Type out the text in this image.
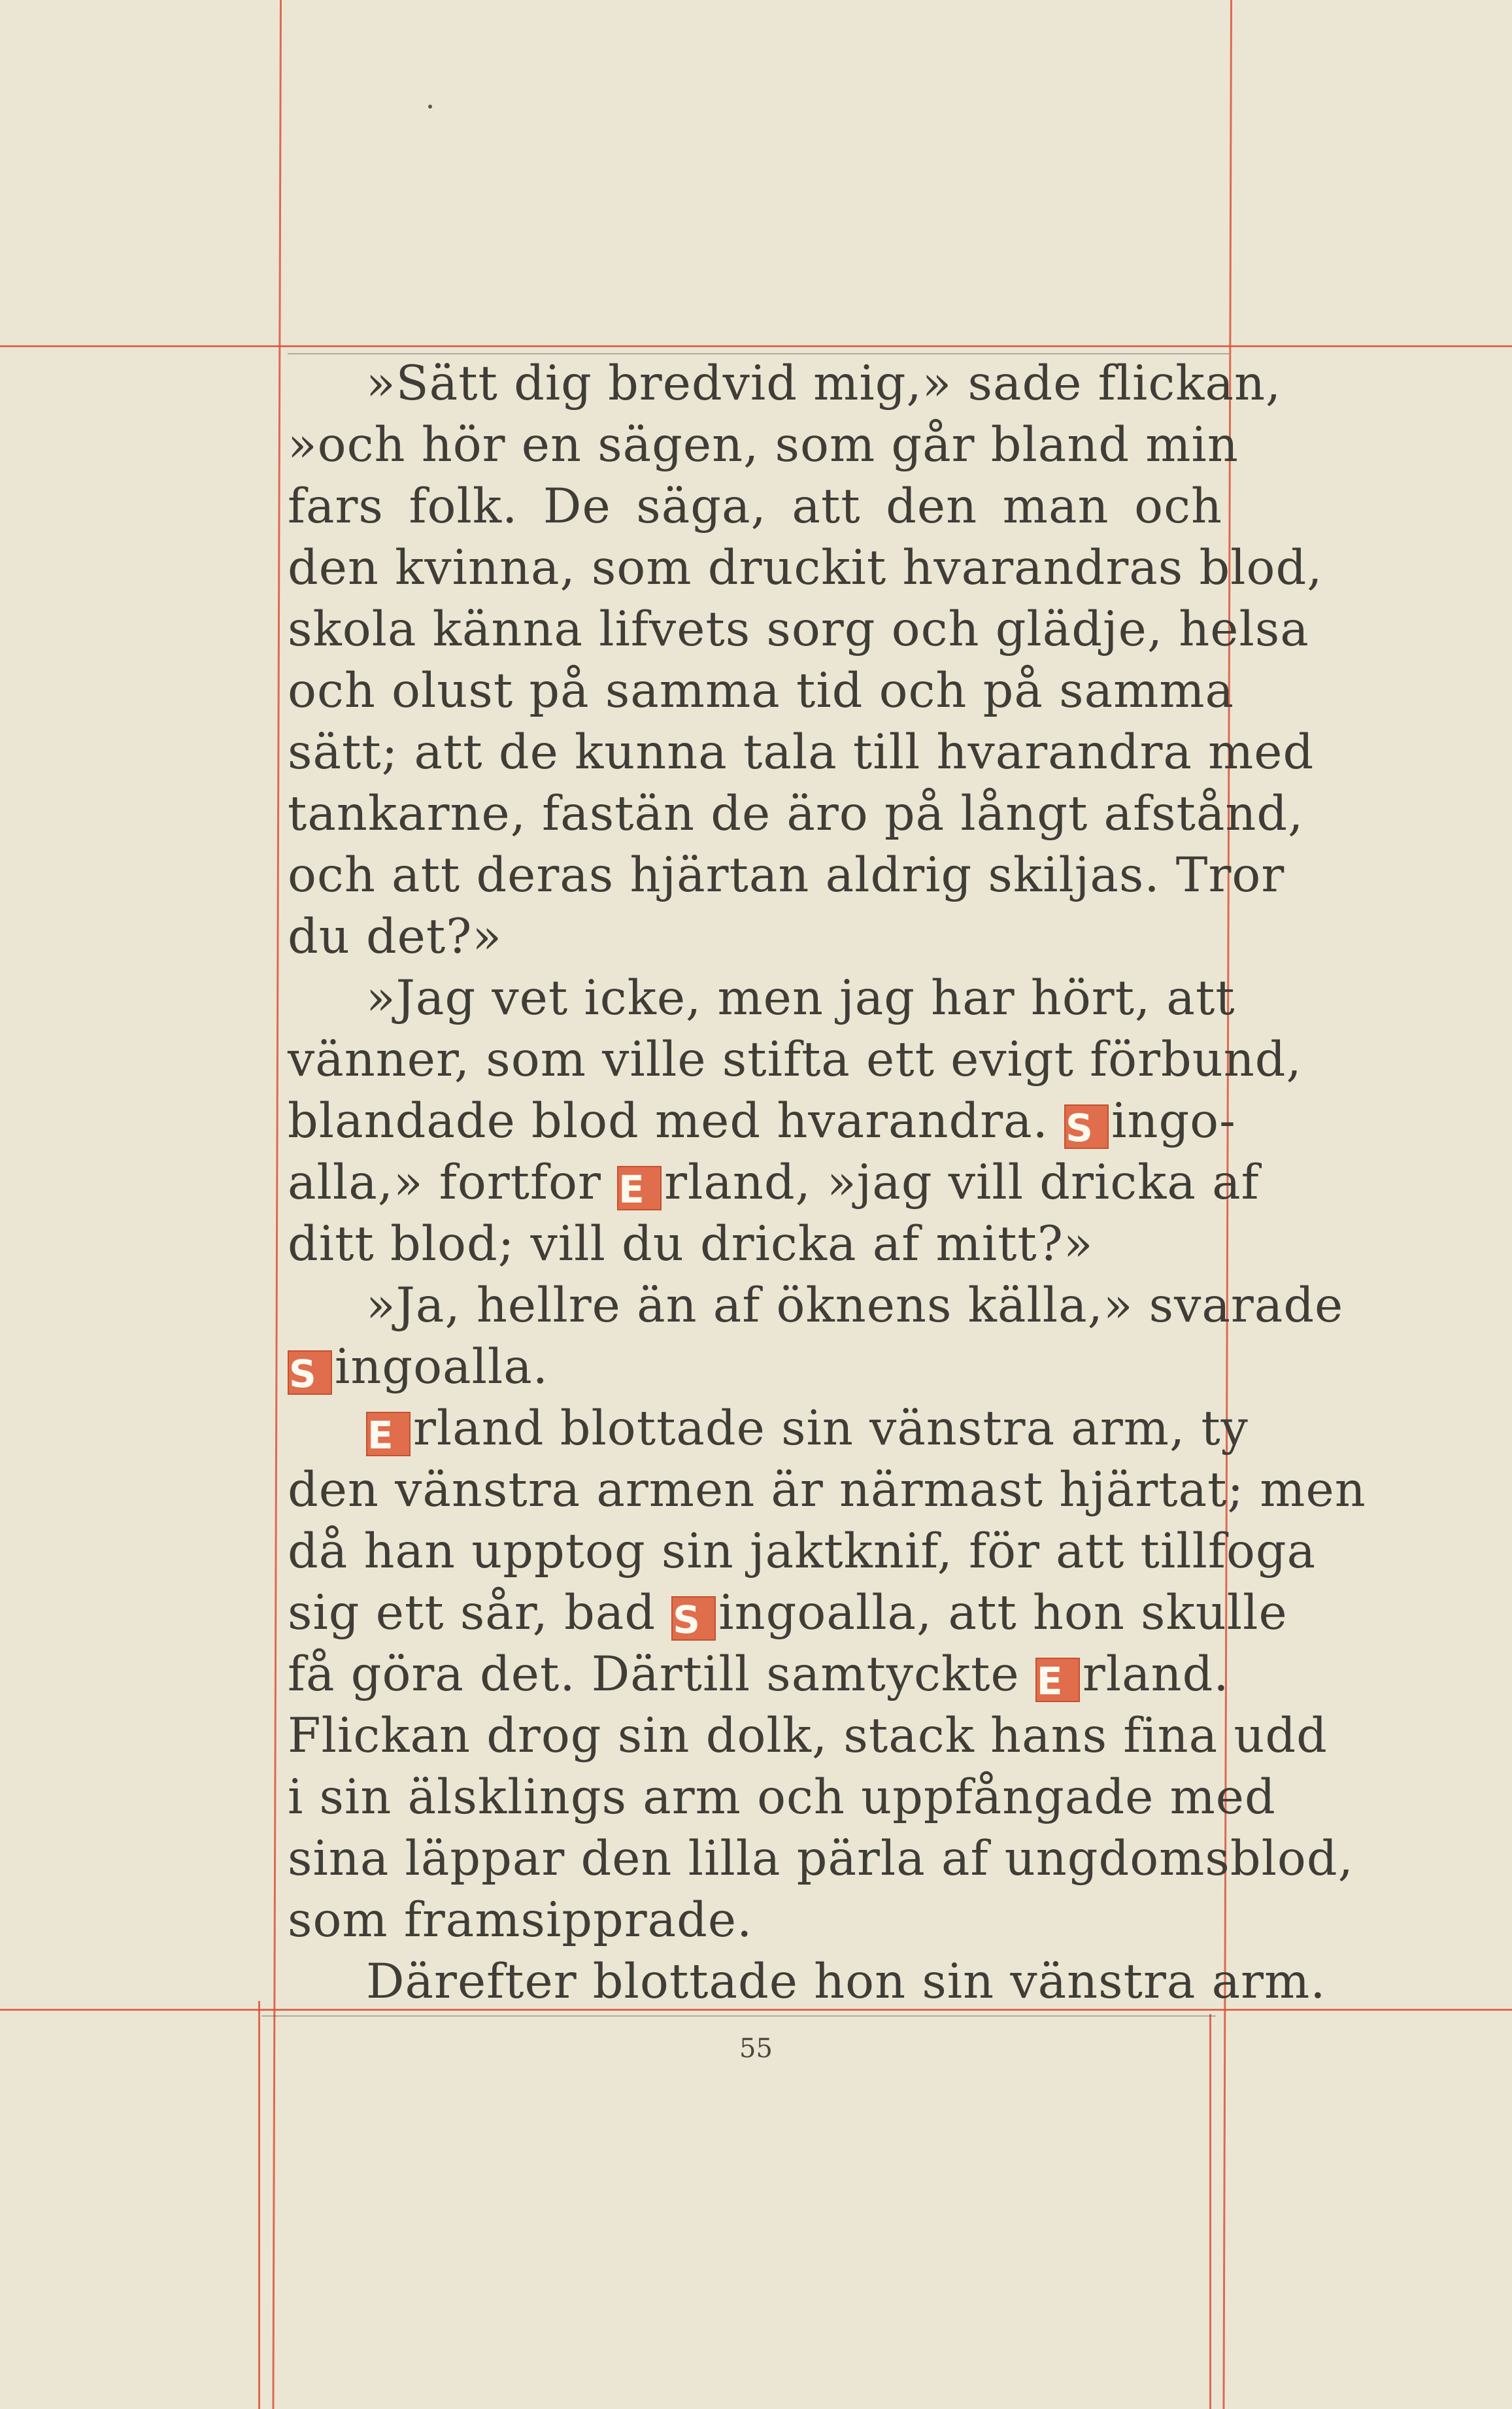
»Sätt dig bredvid mig,» sade flickan,
»och hör en sägen, som går bland min
fars folk. De säga, att den man och
den kvinna, som druckit hvarandras blod,
skola känna lifvets sorg och glädje, helsa
och olust på samma tid och på samma
sätt; att de kunna tala till hvarandra med
tankarne, fastän de äro på långt afstånd,
och att deras hjärtan aldrig skiljas. Tror
du det?»
»Jag vet icke, men jag har hört, att
vänner, som ville stifta ett evigt förbund,
blandade blod med hvarandra. S ingo-
alla,» fortfor E rland, »jag vill dricka af
ditt blod; vill du dricka af mitt?»
»Ja, hellre än af öknens källa,» svarade
S ingoalla.
E rland blottade sin vänstra arm, ty
den vänstra armen är närmast hjärtat; men
då han upptog sin jaktknif, för att tillfoga
sig ett sår, bad S ingoalla, att hon skulle
få göra det. Därtill samtyckte E rland.
Flickan drog sin dolk, stack hans fina udd
i sin älsklings arm och uppfångade med
sina läppar den lilla pärla af ungdomsblod,
som framsipprade.
Därefter blottade hon sin vänstra arm.
55
